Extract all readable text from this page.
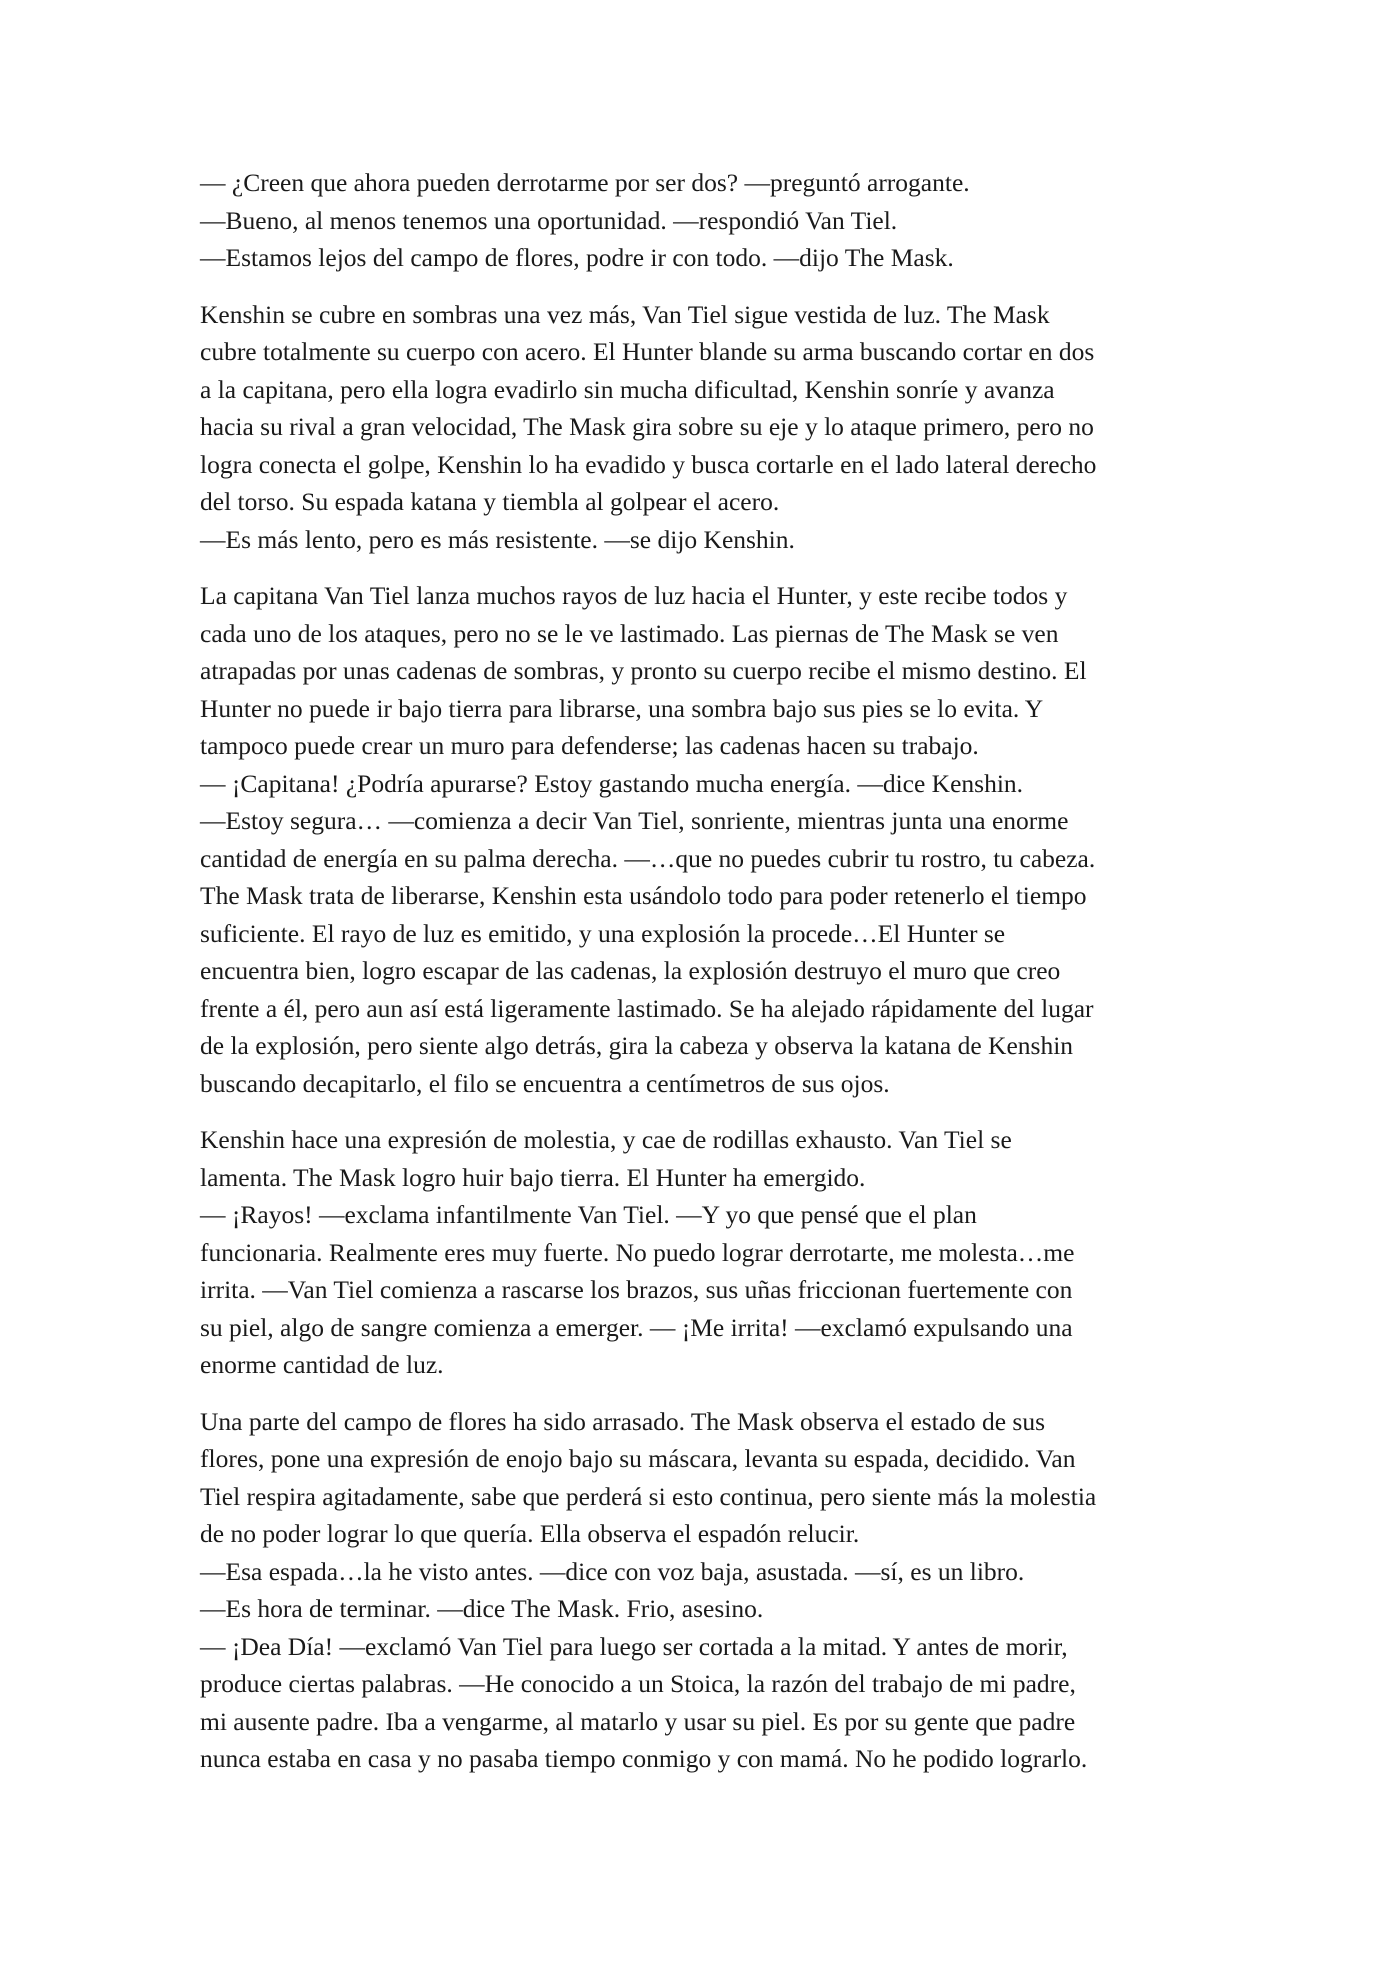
— ¿Creen que ahora pueden derrotarme por ser dos? —preguntó arrogante.
—Bueno, al menos tenemos una oportunidad. —respondió Van Tiel.
—Estamos lejos del campo de flores, podre ir con todo. —dijo The Mask.
Kenshin se cubre en sombras una vez más, Van Tiel sigue vestida de luz. The Mask
cubre totalmente su cuerpo con acero. El Hunter blande su arma buscando cortar en dos
a la capitana, pero ella logra evadirlo sin mucha dificultad, Kenshin sonríe y avanza
hacia su rival a gran velocidad, The Mask gira sobre su eje y lo ataque primero, pero no
logra conecta el golpe, Kenshin lo ha evadido y busca cortarle en el lado lateral derecho
del torso. Su espada katana y tiembla al golpear el acero.
—Es más lento, pero es más resistente. —se dijo Kenshin.
La capitana Van Tiel lanza muchos rayos de luz hacia el Hunter, y este recibe todos y
cada uno de los ataques, pero no se le ve lastimado. Las piernas de The Mask se ven
atrapadas por unas cadenas de sombras, y pronto su cuerpo recibe el mismo destino. El
Hunter no puede ir bajo tierra para librarse, una sombra bajo sus pies se lo evita. Y
tampoco puede crear un muro para defenderse; las cadenas hacen su trabajo.
— ¡Capitana! ¿Podría apurarse? Estoy gastando mucha energía. —dice Kenshin.
—Estoy segura… —comienza a decir Van Tiel, sonriente, mientras junta una enorme
cantidad de energía en su palma derecha. —…que no puedes cubrir tu rostro, tu cabeza.
The Mask trata de liberarse, Kenshin esta usándolo todo para poder retenerlo el tiempo
suficiente. El rayo de luz es emitido, y una explosión la procede…El Hunter se
encuentra bien, logro escapar de las cadenas, la explosión destruyo el muro que creo
frente a él, pero aun así está ligeramente lastimado. Se ha alejado rápidamente del lugar
de la explosión, pero siente algo detrás, gira la cabeza y observa la katana de Kenshin
buscando decapitarlo, el filo se encuentra a centímetros de sus ojos.
Kenshin hace una expresión de molestia, y cae de rodillas exhausto. Van Tiel se
lamenta. The Mask logro huir bajo tierra. El Hunter ha emergido.
— ¡Rayos! —exclama infantilmente Van Tiel. —Y yo que pensé que el plan
funcionaria. Realmente eres muy fuerte. No puedo lograr derrotarte, me molesta…me
irrita. —Van Tiel comienza a rascarse los brazos, sus uñas friccionan fuertemente con
su piel, algo de sangre comienza a emerger. — ¡Me irrita! —exclamó expulsando una
enorme cantidad de luz.
Una parte del campo de flores ha sido arrasado. The Mask observa el estado de sus
flores, pone una expresión de enojo bajo su máscara, levanta su espada, decidido. Van
Tiel respira agitadamente, sabe que perderá si esto continua, pero siente más la molestia
de no poder lograr lo que quería. Ella observa el espadón relucir.
—Esa espada…la he visto antes. —dice con voz baja, asustada. —sí, es un libro.
—Es hora de terminar. —dice The Mask. Frio, asesino.
— ¡Dea Día! —exclamó Van Tiel para luego ser cortada a la mitad. Y antes de morir,
produce ciertas palabras. —He conocido a un Stoica, la razón del trabajo de mi padre,
mi ausente padre. Iba a vengarme, al matarlo y usar su piel. Es por su gente que padre
nunca estaba en casa y no pasaba tiempo conmigo y con mamá. No he podido lograrlo.
